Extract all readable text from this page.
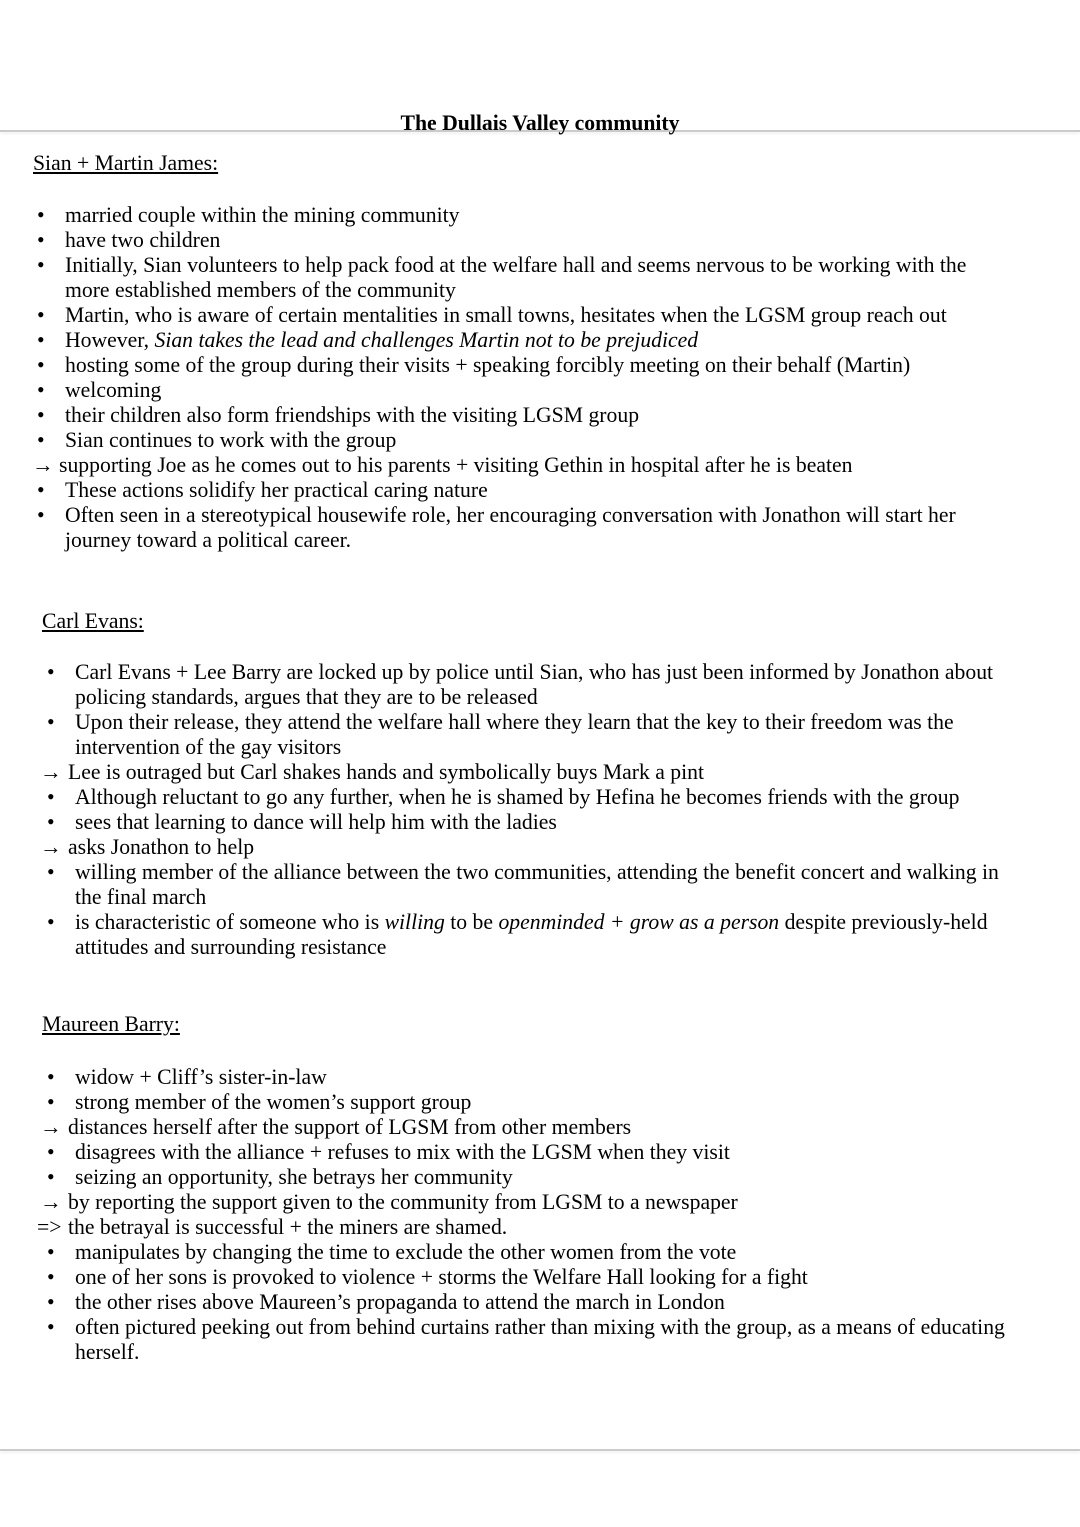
The Dullais Valley community
Sian + Martin James:
• married couple within the mining community
• have two children
• Initially, Sian volunteers to help pack food at the welfare hall and seems nervous to be working with the more established members of the community
• Martin, who is aware of certain mentalities in small towns, hesitates when the LGSM group reach out
• However, Sian takes the lead and challenges Martin not to be prejudiced
• hosting some of the group during their visits + speaking forcibly meeting on their behalf (Martin)
• welcoming
• their children also form friendships with the visiting LGSM group
• Sian continues to work with the group
→ supporting Joe as he comes out to his parents + visiting Gethin in hospital after he is beaten
• These actions solidify her practical caring nature
• Often seen in a stereotypical housewife role, her encouraging conversation with Jonathon will start her journey toward a political career.
Carl Evans:
• Carl Evans + Lee Barry are locked up by police until Sian, who has just been informed by Jonathon about policing standards, argues that they are to be released
• Upon their release, they attend the welfare hall where they learn that the key to their freedom was the intervention of the gay visitors
→ Lee is outraged but Carl shakes hands and symbolically buys Mark a pint
• Although reluctant to go any further, when he is shamed by Hefina he becomes friends with the group
• sees that learning to dance will help him with the ladies
→ asks Jonathon to help
• willing member of the alliance between the two communities, attending the benefit concert and walking in the final march
• is characteristic of someone who is willing to be openminded + grow as a person despite previously-held attitudes and surrounding resistance
Maureen Barry:
• widow + Cliff’s sister-in-law
• strong member of the women’s support group
→ distances herself after the support of LGSM from other members
• disagrees with the alliance + refuses to mix with the LGSM when they visit
• seizing an opportunity, she betrays her community
→ by reporting the support given to the community from LGSM to a newspaper
=> the betrayal is successful + the miners are shamed.
• manipulates by changing the time to exclude the other women from the vote
• one of her sons is provoked to violence + storms the Welfare Hall looking for a fight
• the other rises above Maureen’s propaganda to attend the march in London
• often pictured peeking out from behind curtains rather than mixing with the group, as a means of educating herself.
